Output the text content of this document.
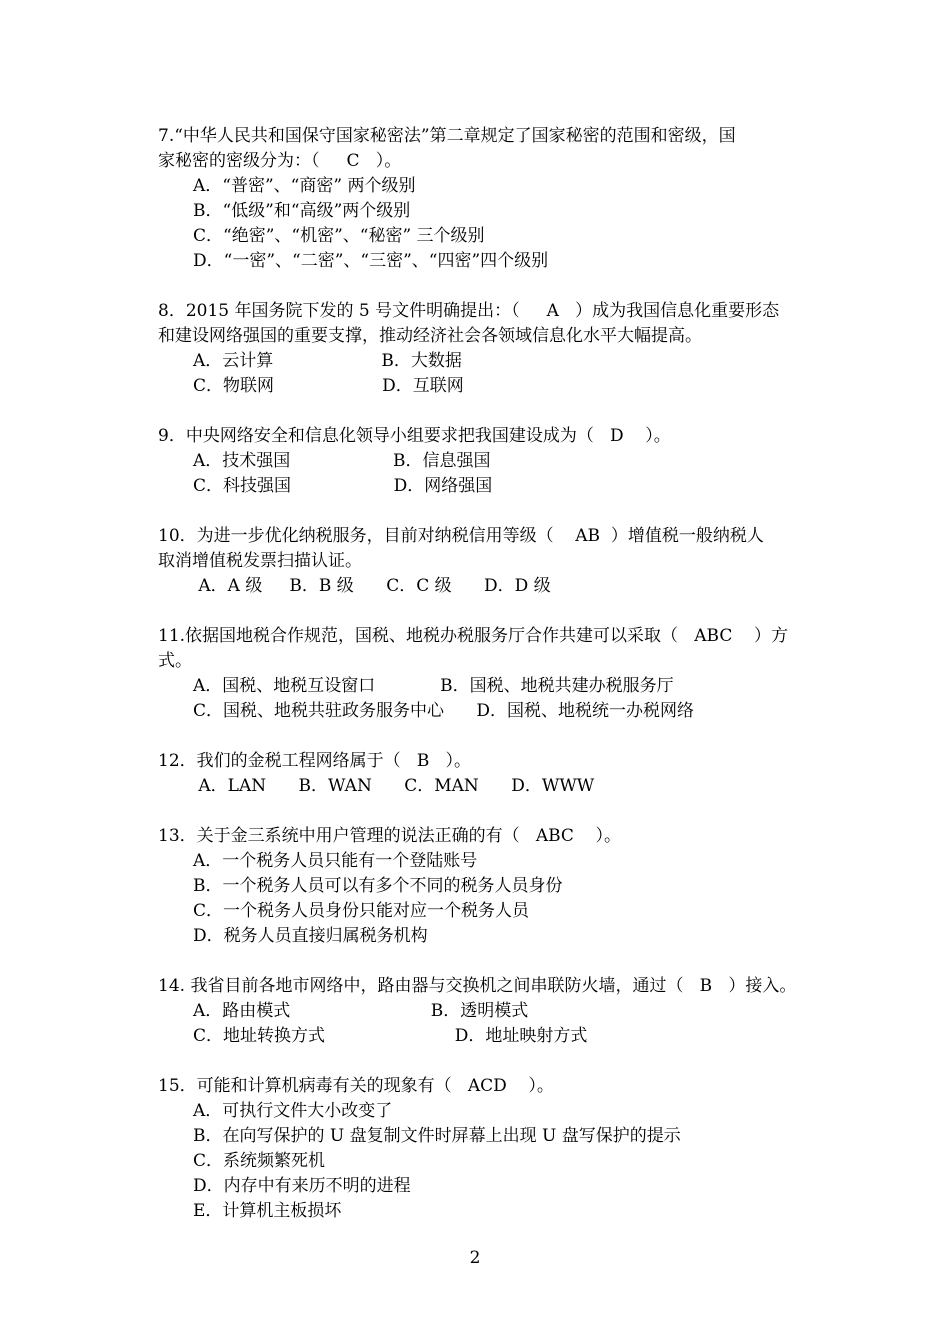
7.“中华人民共和国保守国家秘密法”第二章规定了国家秘密的范围和密级，国
家秘密的密级分为：（     C   ）。
A．“普密”、“商密” 两个级别
B．“低级”和“高级”两个级别
C．“绝密”、“机密”、“秘密” 三个级别
D．“一密”、“二密”、“三密”、“四密”四个级别
8．2015 年国务院下发的 5 号文件明确提出：（     A   ）成为我国信息化重要形态
和建设网络强国的重要支撑，推动经济社会各领域信息化水平大幅提高。
A．云计算                    B．大数据
C．物联网                    D．互联网
9．中央网络安全和信息化领导小组要求把我国建设成为（   D    ）。
A．技术强国                   B．信息强国
C．科技强国                   D．网络强国
10．为进一步优化纳税服务，目前对纳税信用等级（    AB  ）增值税一般纳税人
取消增值税发票扫描认证。
A．A 级     B．B 级      C．C 级      D．D 级
11.依据国地税合作规范，国税、地税办税服务厅合作共建可以采取（   ABC    ）方
式。
A．国税、地税互设窗口            B．国税、地税共建办税服务厅
C．国税、地税共驻政务服务中心      D．国税、地税统一办税网络
12．我们的金税工程网络属于（   B   ）。
A．LAN      B．WAN      C．MAN      D．WWW
13．关于金三系统中用户管理的说法正确的有（   ABC    ）。
A．一个税务人员只能有一个登陆账号
B．一个税务人员可以有多个不同的税务人员身份
C．一个税务人员身份只能对应一个税务人员
D．税务人员直接归属税务机构
14. 我省目前各地市网络中，路由器与交换机之间串联防火墙，通过（   B   ）接入。
A．路由模式                          B．透明模式
C．地址转换方式                        D．地址映射方式
15．可能和计算机病毒有关的现象有（   ACD    ）。
A．可执行文件大小改变了
B．在向写保护的 U 盘复制文件时屏幕上出现 U 盘写保护的提示
C．系统频繁死机
D．内存中有来历不明的进程
E．计算机主板损坏
2
